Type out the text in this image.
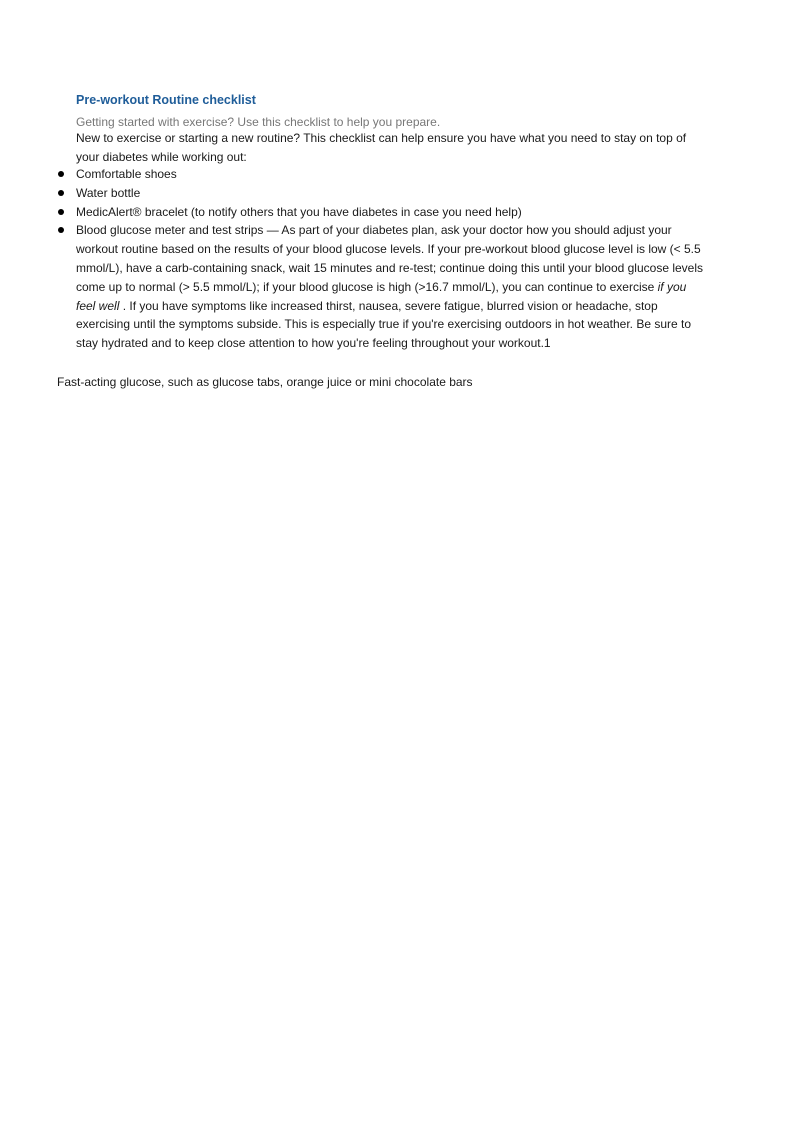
Pre-workout Routine checklist

Getting started with exercise? Use this checklist to help you prepare.

New to exercise or starting a new routine? This checklist can help ensure you have what you need to stay on top of your diabetes while working out:

Comfortable shoes
Water bottle
MedicAlert® bracelet (to notify others that you have diabetes in case you need help)
Blood glucose meter and test strips — As part of your diabetes plan, ask your doctor how you should adjust your workout routine based on the results of your blood glucose levels. If your pre-workout blood glucose level is low (< 5.5 mmol/L), have a carb-containing snack, wait 15 minutes and re-test; continue doing this until your blood glucose levels come up to normal (> 5.5 mmol/L); if your blood glucose is high (>16.7 mmol/L), you can continue to exercise if you feel well . If you have symptoms like increased thirst, nausea, severe fatigue, blurred vision or headache, stop exercising until the symptoms subside. This is especially true if you're exercising outdoors in hot weather. Be sure to stay hydrated and to keep close attention to how you're feeling throughout your workout.1

Fast-acting glucose, such as glucose tabs, orange juice or mini chocolate bars
